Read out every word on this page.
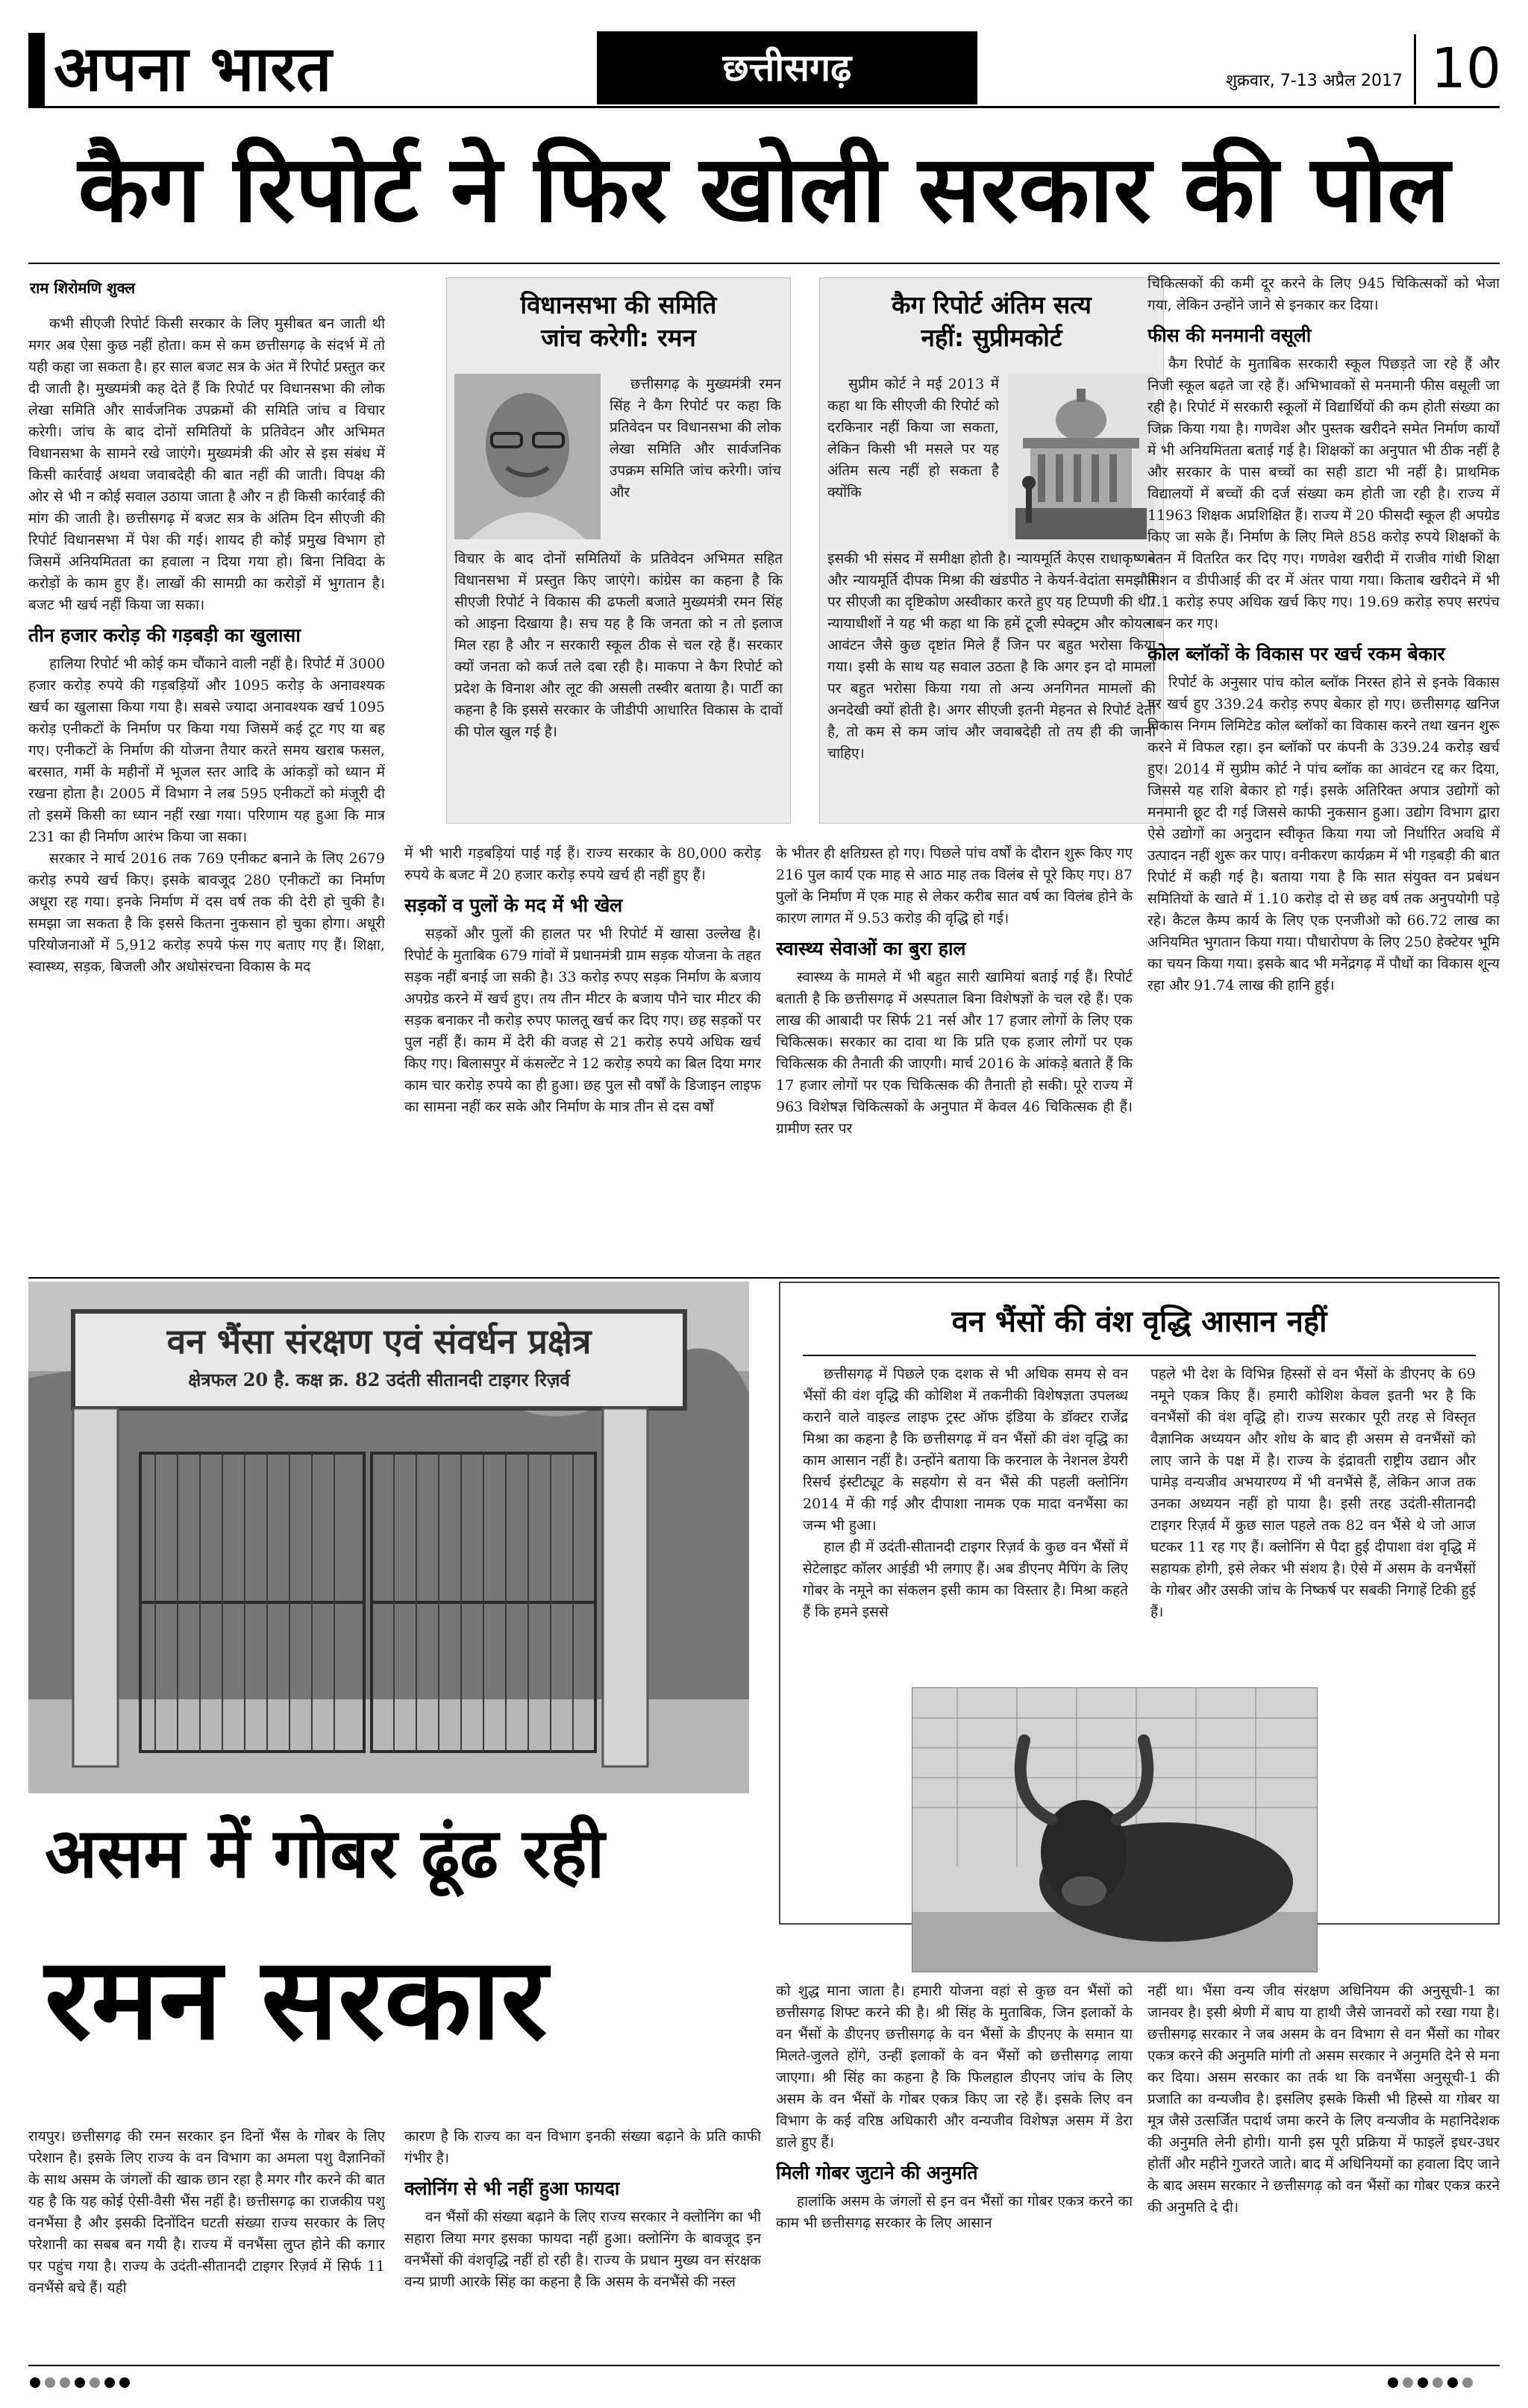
अपना भारत	छत्तीसगढ़	शुक्रवार, 7-13 अप्रैल 2017 10
कैग रिपोर्ट ने फिर खोली सरकार की पोल
राम शिरोमणि शुक्ल

कभी सीएजी रिपोर्ट किसी सरकार के लिए मुसीबत बन जाती थी मगर अब ऐसा कुछ नहीं होता। कम से कम छत्तीसगढ़ के संदर्भ में तो यही कहा जा सकता है। हर साल बजट सत्र के अंत में रिपोर्ट प्रस्तुत कर दी जाती है। मुख्यमंत्री कह देते हैं कि रिपोर्ट पर विधानसभा की लोक लेखा समिति और सार्वजनिक उपक्रमों की समिति जांच व विचार करेगी। जांच के बाद दोनों समितियों के प्रतिवेदन और अभिमत विधानसभा के सामने रखे जाएंगे। मुख्यमंत्री की ओर से इस संबंध में किसी कार्रवाई अथवा जवाबदेही की बात नहीं की जाती। विपक्ष की ओर से भी न कोई सवाल उठाया जाता है और न ही किसी कार्रवाई की मांग की जाती है। छत्तीसगढ़ में बजट सत्र के अंतिम दिन सीएजी की रिपोर्ट विधानसभा में पेश की गई। शायद ही कोई प्रमुख विभाग हो जिसमें अनियमितता का हवाला न दिया गया हो। बिना निविदा के करोड़ों के काम हुए हैं। लाखों की सामग्री का करोड़ों में भुगतान है। बजट भी खर्च नहीं किया जा सका।

तीन हजार करोड़ की गड़बड़ी का खुलासा

हालिया रिपोर्ट भी कोई कम चौंकाने वाली नहीं है। रिपोर्ट में 3000 हजार करोड़ रुपये की गड़बड़ियों और 1095 करोड़ के अनावश्यक खर्च का खुलासा किया गया है। सबसे ज्यादा अनावश्यक खर्च 1095 करोड़ एनीकटों के निर्माण पर किया गया जिसमें कई टूट गए या बह गए। एनीकटों के निर्माण की योजना तैयार करते समय खराब फसल, बरसात, गर्मी के महीनों में भूजल स्तर आदि के आंकड़ों को ध्यान में रखना होता है। 2005 में विभाग ने लब 595 एनीकटों को मंजूरी दी तो इसमें किसी का ध्यान नहीं रखा गया। परिणाम यह हुआ कि मात्र 231 का ही निर्माण आरंभ किया जा सका।

सरकार ने मार्च 2016 तक 769 एनीकट बनाने के लिए 2679 करोड़ रुपये खर्च किए। इसके बावजूद 280 एनीकटों का निर्माण अधूरा रह गया। इनके निर्माण में दस वर्ष तक की देरी हो चुकी है। समझा जा सकता है कि इससे कितना नुकसान हो चुका होगा। अधूरी परियोजनाओं में 5,912 करोड़ रुपये फंस गए बताए गए हैं। शिक्षा, स्वास्थ्य, सड़क, बिजली और अधोसंरचना विकास के मद

विधानसभा की समिति
जांच करेगी: रमन

छत्तीसगढ़ के मुख्यमंत्री रमन सिंह ने कैग रिपोर्ट पर कहा कि प्रतिवेदन पर विधानसभा की लोक लेखा समिति और सार्वजनिक उपक्रम समिति जांच करेगी। जांच और

विचार के बाद दोनों समितियों के प्रतिवेदन अभिमत सहित विधानसभा में प्रस्तुत किए जाएंगे। कांग्रेस का कहना है कि सीएजी रिपोर्ट ने विकास की ढफली बजाते मुख्यमंत्री रमन सिंह को आइना दिखाया है। सच यह है कि जनता को न तो इलाज मिल रहा है और न सरकारी स्कूल ठीक से चल रहे हैं। सरकार क्यों जनता को कर्ज तले दबा रही है। माकपा ने कैग रिपोर्ट को प्रदेश के विनाश और लूट की असली तस्वीर बताया है। पार्टी का कहना है कि इससे सरकार के जीडीपी आधारित विकास के दावों की पोल खुल गई है।

में भी भारी गड़बड़ियां पाई गई हैं। राज्य सरकार के 80,000 करोड़ रुपये के बजट में 20 हजार करोड़ रुपये खर्च ही नहीं हुए हैं।

सड़कों व पुलों के मद में भी खेल

सड़कों और पुलों की हालत पर भी रिपोर्ट में खासा उल्लेख है। रिपोर्ट के मुताबिक 679 गांवों में प्रधानमंत्री ग्राम सड़क योजना के तहत सड़क नहीं बनाई जा सकी है। 33 करोड़ रुपए सड़क निर्माण के बजाय अपग्रेड करने में खर्च हुए। तय तीन मीटर के बजाय पौने चार मीटर की सड़क बनाकर नौ करोड़ रुपए फालतू खर्च कर दिए गए। छह सड़कों पर पुल नहीं हैं। काम में देरी की वजह से 21 करोड़ रुपये अधिक खर्च किए गए। बिलासपुर में कंसल्टेंट ने 12 करोड़ रुपये का बिल दिया मगर काम चार करोड़ रुपये का ही हुआ। छह पुल सौ वर्षों के डिजाइन लाइफ का सामना नहीं कर सके और निर्माण के मात्र तीन से दस वर्षों

कैग रिपोर्ट अंतिम सत्य
नहीं: सुप्रीमकोर्ट

सुप्रीम कोर्ट ने मई 2013 में कहा था कि सीएजी की रिपोर्ट को दरकिनार नहीं किया जा सकता, लेकिन किसी भी मसले पर यह अंतिम सत्य नहीं हो सकता है क्योंकि

इसकी भी संसद में समीक्षा होती है। न्यायमूर्ति केएस राधाकृष्णन और न्यायमूर्ति दीपक मिश्रा की खंडपीठ ने केयर्न-वेदांता समझौते पर सीएजी का दृष्टिकोण अस्वीकार करते हुए यह टिप्पणी की थी। न्यायाधीशों ने यह भी कहा था कि हमें टूजी स्पेक्ट्रम और कोयला आवंटन जैसे कुछ दृष्टांत मिले हैं जिन पर बहुत भरोसा किया गया। इसी के साथ यह सवाल उठता है कि अगर इन दो मामलों पर बहुत भरोसा किया गया तो अन्य अनगिनत मामलों की अनदेखी क्यों होती है। अगर सीएजी इतनी मेहनत से रिपोर्ट देती है, तो कम से कम जांच और जवाबदेही तो तय ही की जानी चाहिए।

के भीतर ही क्षतिग्रस्त हो गए। पिछले पांच वर्षों के दौरान शुरू किए गए 216 पुल कार्य एक माह से आठ माह तक विलंब से पूरे किए गए। 87 पुलों के निर्माण में एक माह से लेकर करीब सात वर्ष का विलंब होने के कारण लागत में 9.53 करोड़ की वृद्धि हो गई।

स्वास्थ्य सेवाओं का बुरा हाल

स्वास्थ्य के मामले में भी बहुत सारी खामियां बताई गई हैं। रिपोर्ट बताती है कि छत्तीसगढ़ में अस्पताल बिना विशेषज्ञों के चल रहे हैं। एक लाख की आबादी पर सिर्फ 21 नर्स और 17 हजार लोगों के लिए एक चिकित्सक। सरकार का दावा था कि प्रति एक हजार लोगों पर एक चिकित्सक की तैनाती की जाएगी। मार्च 2016 के आंकड़े बताते हैं कि 17 हजार लोगों पर एक चिकित्सक की तैनाती हो सकी। पूरे राज्य में 963 विशेषज्ञ चिकित्सकों के अनुपात में केवल 46 चिकित्सक ही हैं। ग्रामीण स्तर पर

चिकित्सकों की कमी दूर करने के लिए 945 चिकित्सकों को भेजा गया, लेकिन उन्होंने जाने से इनकार कर दिया।

फीस की मनमानी वसूली

कैग रिपोर्ट के मुताबिक सरकारी स्कूल पिछड़ते जा रहे हैं और निजी स्कूल बढ़ते जा रहे हैं। अभिभावकों से मनमानी फीस वसूली जा रही है। रिपोर्ट में सरकारी स्कूलों में विद्यार्थियों की कम होती संख्या का जिक्र किया गया है। गणवेश और पुस्तक खरीदने समेत निर्माण कार्यों में भी अनियमितता बताई गई है। शिक्षकों का अनुपात भी ठीक नहीं है और सरकार के पास बच्चों का सही डाटा भी नहीं है। प्राथमिक विद्यालयों में बच्चों की दर्ज संख्या कम होती जा रही है। राज्य में 11963 शिक्षक अप्रशिक्षित हैं। राज्य में 20 फीसदी स्कूल ही अपग्रेड किए जा सके हैं। निर्माण के लिए मिले 858 करोड़ रुपये शिक्षकों के वेतन में वितरित कर दिए गए। गणवेश खरीदी में राजीव गांधी शिक्षा मिशन व डीपीआई की दर में अंतर पाया गया। किताब खरीदने में भी 7.1 करोड़ रुपए अधिक खर्च किए गए। 19.69 करोड़ रुपए सरपंच गबन कर गए।

कोल ब्लॉकों के विकास पर खर्च रकम बेकार

रिपोर्ट के अनुसार पांच कोल ब्लॉक निरस्त होने से इनके विकास पर खर्च हुए 339.24 करोड़ रुपए बेकार हो गए। छत्तीसगढ़ खनिज विकास निगम लिमिटेड कोल ब्लॉकों का विकास करने तथा खनन शुरू करने में विफल रहा। इन ब्लॉकों पर कंपनी के 339.24 करोड़ खर्च हुए। 2014 में सुप्रीम कोर्ट ने पांच ब्लॉक का आवंटन रद्द कर दिया, जिससे यह राशि बेकार हो गई। इसके अतिरिक्त अपात्र उद्योगों को मनमानी छूट दी गई जिससे काफी नुकसान हुआ। उद्योग विभाग द्वारा ऐसे उद्योगों का अनुदान स्वीकृत किया गया जो निर्धारित अवधि में उत्पादन नहीं शुरू कर पाए। वनीकरण कार्यक्रम में भी गड़बड़ी की बात रिपोर्ट में कही गई है। बताया गया है कि सात संयुक्त वन प्रबंधन समितियों के खाते में 1.10 करोड़ दो से छह वर्ष तक अनुपयोगी पड़े रहे। कैटल कैम्प कार्य के लिए एक एनजीओ को 66.72 लाख का अनियमित भुगतान किया गया। पौधारोपण के लिए 250 हेक्टेयर भूमि का चयन किया गया। इसके बाद भी मनेंद्रगढ़ में पौधों का विकास शून्य रहा और 91.74 लाख की हानि हुई।

वन भैंसा संरक्षण एवं संवर्धन प्रक्षेत्र
क्षेत्रफल 20 है. कक्ष क्र. 82 उदंती सीतानदी टाइगर रिज़र्व
वन भैंसों की वंश वृद्धि आसान नहीं

छत्तीसगढ़ में पिछले एक दशक से भी अधिक समय से वन भैंसों की वंश वृद्धि की कोशिश में तकनीकी विशेषज्ञता उपलब्ध कराने वाले वाइल्ड लाइफ ट्रस्ट ऑफ इंडिया के डॉक्टर राजेंद्र मिश्रा का कहना है कि छत्तीसगढ़ में वन भैंसों की वंश वृद्धि का काम आसान नहीं है। उन्होंने बताया कि करनाल के नेशनल डेयरी रिसर्च इंस्टीट्यूट के सहयोग से वन भैंसे की पहली क्लोनिंग 2014 में की गई और दीपाशा नामक एक मादा वनभैंसा का जन्म भी हुआ।

हाल ही में उदंती-सीतानदी टाइगर रिज़र्व के कुछ वन भैंसों में सेटेलाइट कॉलर आईडी भी लगाए हैं। अब डीएनए मैपिंग के लिए गोबर के नमूने का संकलन इसी काम का विस्तार है। मिश्रा कहते हैं कि हमने इससे

पहले भी देश के विभिन्न हिस्सों से वन भैंसों के डीएनए के 69 नमूने एकत्र किए हैं। हमारी कोशिश केवल इतनी भर है कि वनभैंसों की वंश वृद्धि हो। राज्य सरकार पूरी तरह से विस्तृत वैज्ञानिक अध्ययन और शोध के बाद ही असम से वनभैंसों को लाए जाने के पक्ष में है। राज्य के इंद्रावती राष्ट्रीय उद्यान और पामेड़ वन्यजीव अभयारण्य में भी वनभैंसे हैं, लेकिन आज तक उनका अध्ययन नहीं हो पाया है। इसी तरह उदंती-सीतानदी टाइगर रिज़र्व में कुछ साल पहले तक 82 वन भैंसे थे जो आज घटकर 11 रह गए हैं। क्लोनिंग से पैदा हुई दीपाशा वंश वृद्धि में सहायक होगी, इसे लेकर भी संशय है। ऐसे में असम के वनभैंसों के गोबर और उसकी जांच के निष्कर्ष पर सबकी निगाहें टिकी हुई हैं।

असम में गोबर ढूंढ रही
रमन सरकार

रायपुर। छत्तीसगढ़ की रमन सरकार इन दिनों भैंस के गोबर के लिए परेशान है। इसके लिए राज्य के वन विभाग का अमला पशु वैज्ञानिकों के साथ असम के जंगलों की खाक छान रहा है मगर गौर करने की बात यह है कि यह कोई ऐसी-वैसी भैंस नहीं है। छत्तीसगढ़ का राजकीय पशु वनभैंसा है और इसकी दिनोंदिन घटती संख्या राज्य सरकार के लिए परेशानी का सबब बन गयी है। राज्य में वनभैंसा लुप्त होने की कगार पर पहुंच गया है। राज्य के उदंती-सीतानदी टाइगर रिज़र्व में सिर्फ 11 वनभैंसे बचे हैं। यही

कारण है कि राज्य का वन विभाग इनकी संख्या बढ़ाने के प्रति काफी गंभीर है।

क्लोनिंग से भी नहीं हुआ फायदा

वन भैंसों की संख्या बढ़ाने के लिए राज्य सरकार ने क्लोनिंग का भी सहारा लिया मगर इसका फायदा नहीं हुआ। क्लोनिंग के बावजूद इन वनभैंसों की वंशवृद्धि नहीं हो रही है। राज्य के प्रधान मुख्य वन संरक्षक वन्य प्राणी आरके सिंह का कहना है कि असम के वनभैंसे की नस्ल

को शुद्ध माना जाता है। हमारी योजना वहां से कुछ वन भैंसों को छत्तीसगढ़ शिफ्ट करने की है। श्री सिंह के मुताबिक, जिन इलाकों के वन भैंसों के डीएनए छत्तीसगढ़ के वन भैंसों के डीएनए के समान या मिलते-जुलते होंगे, उन्हीं इलाकों के वन भैंसों को छत्तीसगढ़ लाया जाएगा। श्री सिंह का कहना है कि फिलहाल डीएनए जांच के लिए असम के वन भैंसों के गोबर एकत्र किए जा रहे हैं। इसके लिए वन विभाग के कई वरिष्ठ अधिकारी और वन्यजीव विशेषज्ञ असम में डेरा डाले हुए हैं।

मिली गोबर जुटाने की अनुमति

हालांकि असम के जंगलों से इन वन भैंसों का गोबर एकत्र करने का काम भी छत्तीसगढ़ सरकार के लिए आसान

नहीं था। भैंसा वन्य जीव संरक्षण अधिनियम की अनुसूची-1 का जानवर है। इसी श्रेणी में बाघ या हाथी जैसे जानवरों को रखा गया है। छत्तीसगढ़ सरकार ने जब असम के वन विभाग से वन भैंसों का गोबर एकत्र करने की अनुमति मांगी तो असम सरकार ने अनुमति देने से मना कर दिया। असम सरकार का तर्क था कि वनभैंसा अनुसूची-1 की प्रजाति का वन्यजीव है। इसलिए इसके किसी भी हिस्से या गोबर या मूत्र जैसे उत्सर्जित पदार्थ जमा करने के लिए वन्यजीव के महानिदेशक की अनुमति लेनी होगी। यानी इस पूरी प्रक्रिया में फाइलें इधर-उधर होतीं और महीने गुजरते जाते। बाद में अधिनियमों का हवाला दिए जाने के बाद असम सरकार ने छत्तीसगढ़ को वन भैंसों का गोबर एकत्र करने की अनुमति दे दी।
